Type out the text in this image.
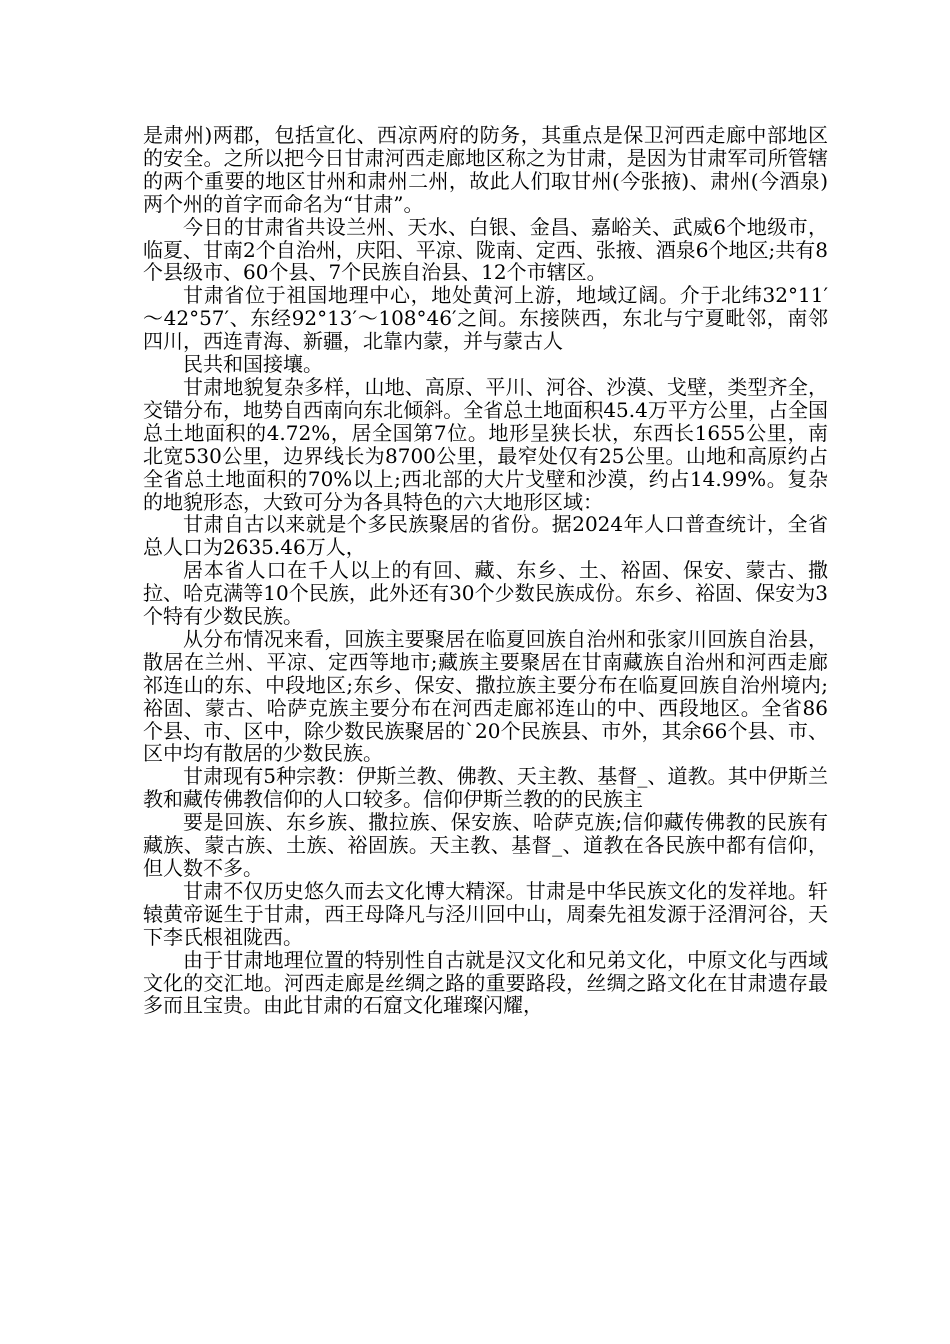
是肃州)两郡，包括宣化、西凉两府的防务，其重点是保卫河西走廊中部地区的安全。之所以把今日甘肃河西走廊地区称之为甘肃，是因为甘肃军司所管辖的两个重要的地区甘州和肃州二州，故此人们取甘州(今张掖)、肃州(今酒泉)两个州的首字而命名为“甘肃”。

今日的甘肃省共设兰州、天水、白银、金昌、嘉峪关、武威6个地级市，临夏、甘南2个自治州，庆阳、平凉、陇南、定西、张掖、酒泉6个地区;共有8个县级市、60个县、7个民族自治县、12个市辖区。

甘肃省位于祖国地理中心，地处黄河上游，地域辽阔。介于北纬32°11′～42°57′、东经92°13′～108°46′之间。东接陕西，东北与宁夏毗邻，南邻四川，西连青海、新疆，北靠内蒙，并与蒙古人

民共和国接壤。

甘肃地貌复杂多样，山地、高原、平川、河谷、沙漠、戈壁，类型齐全，交错分布，地势自西南向东北倾斜。全省总土地面积45.4万平方公里，占全国总土地面积的4.72%，居全国第7位。地形呈狭长状，东西长1655公里，南北宽530公里，边界线长为8700公里，最窄处仅有25公里。山地和高原约占全省总土地面积的70%以上;西北部的大片戈壁和沙漠，约占14.99%。复杂的地貌形态，大致可分为各具特色的六大地形区域：

甘肃自古以来就是个多民族聚居的省份。据2024年人口普查统计，全省总人口为2635.46万人，

居本省人口在千人以上的有回、藏、东乡、土、裕固、保安、蒙古、撒拉、哈克满等10个民族，此外还有30个少数民族成份。东乡、裕固、保安为3个特有少数民族。

从分布情况来看，回族主要聚居在临夏回族自治州和张家川回族自治县，散居在兰州、平凉、定西等地市;藏族主要聚居在甘南藏族自治州和河西走廊祁连山的东、中段地区;东乡、保安、撒拉族主要分布在临夏回族自治州境内;裕固、蒙古、哈萨克族主要分布在河西走廊祁连山的中、西段地区。全省86个县、市、区中，除少数民族聚居的`20个民族县、市外，其余66个县、市、区中均有散居的少数民族。

甘肃现有5种宗教：伊斯兰教、佛教、天主教、基督_、道教。其中伊斯兰教和藏传佛教信仰的人口较多。信仰伊斯兰教的的民族主

要是回族、东乡族、撒拉族、保安族、哈萨克族;信仰藏传佛教的民族有藏族、蒙古族、土族、裕固族。天主教、基督_、道教在各民族中都有信仰，但人数不多。

甘肃不仅历史悠久而去文化博大精深。甘肃是中华民族文化的发祥地。轩辕黄帝诞生于甘肃，西王母降凡与泾川回中山，周秦先祖发源于泾渭河谷，天下李氏根祖陇西。

由于甘肃地理位置的特别性自古就是汉文化和兄弟文化，中原文化与西域文化的交汇地。河西走廊是丝绸之路的重要路段，丝绸之路文化在甘肃遗存最多而且宝贵。由此甘肃的石窟文化璀璨闪耀，
